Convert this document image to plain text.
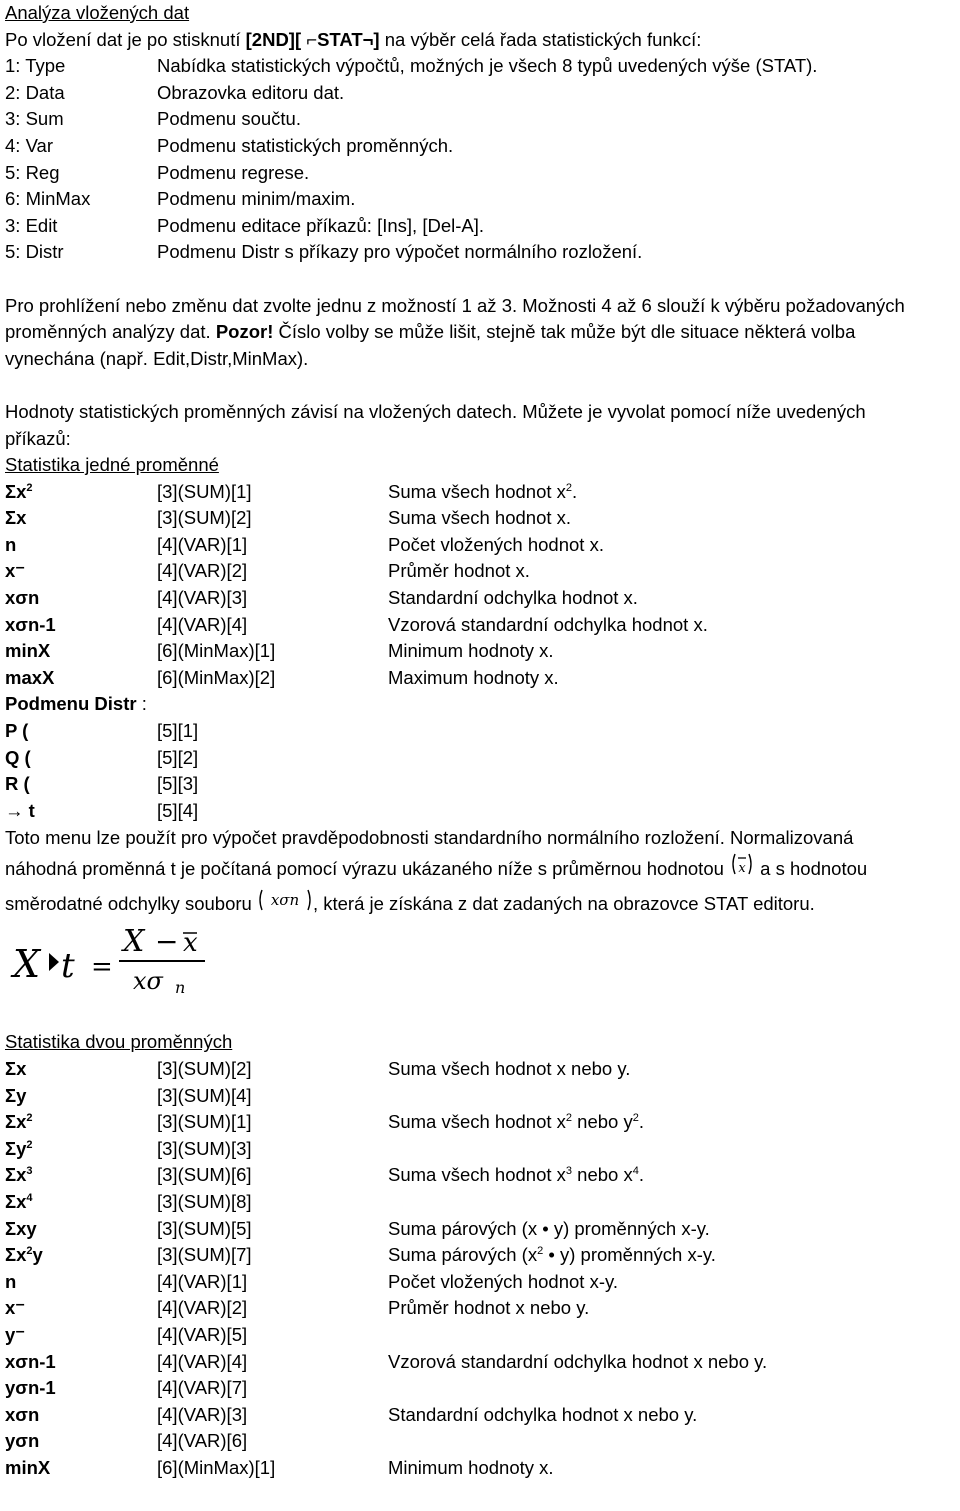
Analýza vložených dat
Po vložení dat je po stisknutí [2ND][ ⌐STAT¬] na výběr celá řada statistických funkcí:
1: Type	Nabídka statistických výpočtů, možných je všech 8 typů uvedených výše (STAT).
2: Data	Obrazovka editoru dat.
3: Sum	Podmenu součtu.
4: Var	Podmenu statistických proměnných.
5: Reg	Podmenu regrese.
6: MinMax	Podmenu minim/maxim.
3: Edit	Podmenu editace příkazů: [Ins], [Del-A].
5: Distr	Podmenu Distr s příkazy pro výpočet normálního rozložení.
Pro prohlížení nebo změnu dat zvolte jednu z možností 1 až 3. Možnosti 4 až 6 slouží k výběru požadovaných
proměnných analýzy dat. Pozor! Číslo volby se může lišit, stejně tak může být dle situace některá volba
vynechána (např. Edit,Distr,MinMax).
Hodnoty statistických proměnných závisí na vložených datech. Můžete je vyvolat pomocí níže uvedených
příkazů:
Statistika jedné proměnné
$\Sigma x^2$	[3](SUM)[1]	Suma všech hodnot $x^2$.
Σx	[3](SUM)[2]	Suma všech hodnot x.
n	[4](VAR)[1]	Počet vložených hodnot x.
x⁻	[4](VAR)[2]	Průměr hodnot x.
xσn	[4](VAR)[3]	Standardní odchylka hodnot x.
xσn-1	[4](VAR)[4]	Vzorová standardní odchylka hodnot x.
minX	[6](MinMax)[1]	Minimum hodnoty x.
maxX	[6](MinMax)[2]	Maximum hodnoty x.
Podmenu Distr :
P (	[5][1]
Q (	[5][2]
R (	[5][3]
→ t	[5][4]
Toto menu lze použít pro výpočet pravděpodobnosti standardního normálního rozložení. Normalizovaná
náhodná proměnná t je počítaná pomocí výrazu ukázaného níže s průměrnou hodnotou x a s hodnotou
směrodatné odchylky souboru xσn , která je získána z dat zadaných na obrazovce STAT editoru.
X t =
X − x
xσ n
Statistika dvou proměnných
Σx	[3](SUM)[2]	Suma všech hodnot x nebo y.
Σy	[3](SUM)[4]
$\Sigma x^2$	[3](SUM)[1]	Suma všech hodnot $x^2$ nebo $y^2$.
$\Sigma y^2$	[3](SUM)[3]
$\Sigma x^3$	[3](SUM)[6]	Suma všech hodnot $x^3$ nebo $x^4$.
$\Sigma x^4$	[3](SUM)[8]
Σxy	[3](SUM)[5]	Suma párových (x • y) proměnných x-y.
$\Sigma x^2y$	[3](SUM)[7]	Suma párových ($x^2$ • y) proměnných x-y.
n	[4](VAR)[1]	Počet vložených hodnot x-y.
x⁻	[4](VAR)[2]	Průměr hodnot x nebo y.
y⁻	[4](VAR)[5]
xσn-1	[4](VAR)[4]	Vzorová standardní odchylka hodnot x nebo y.
yσn-1	[4](VAR)[7]
xσn	[4](VAR)[3]	Standardní odchylka hodnot x nebo y.
yσn	[4](VAR)[6]
minX	[6](MinMax)[1]	Minimum hodnoty x.
